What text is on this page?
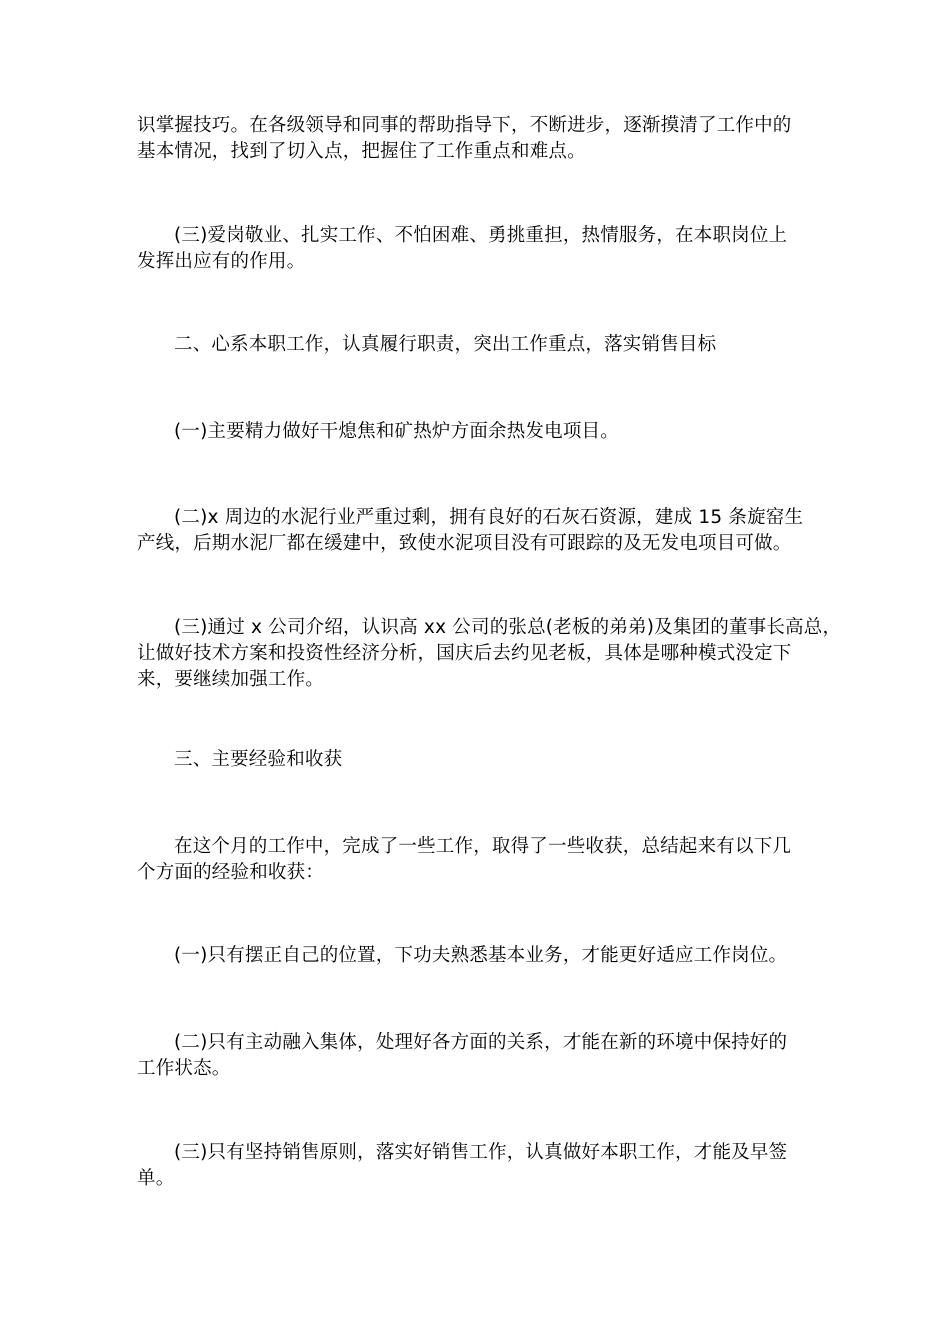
识掌握技巧。在各级领导和同事的帮助指导下，不断进步，逐渐摸清了工作中的
基本情况，找到了切入点，把握住了工作重点和难点。

(三)爱岗敬业、扎实工作、不怕困难、勇挑重担，热情服务，在本职岗位上
发挥出应有的作用。

二、心系本职工作，认真履行职责，突出工作重点，落实销售目标

(一)主要精力做好干熄焦和矿热炉方面余热发电项目。

(二)x 周边的水泥行业严重过剩，拥有良好的石灰石资源，建成 15 条旋窑生
产线，后期水泥厂都在缓建中，致使水泥项目没有可跟踪的及无发电项目可做。

(三)通过 x 公司介绍，认识高 xx 公司的张总(老板的弟弟)及集团的董事长高总，
让做好技术方案和投资性经济分析，国庆后去约见老板，具体是哪种模式没定下
来，要继续加强工作。

三、主要经验和收获

在这个月的工作中，完成了一些工作，取得了一些收获，总结起来有以下几
个方面的经验和收获：

(一)只有摆正自己的位置，下功夫熟悉基本业务，才能更好适应工作岗位。

(二)只有主动融入集体，处理好各方面的关系，才能在新的环境中保持好的
工作状态。

(三)只有坚持销售原则，落实好销售工作，认真做好本职工作，才能及早签
单。
